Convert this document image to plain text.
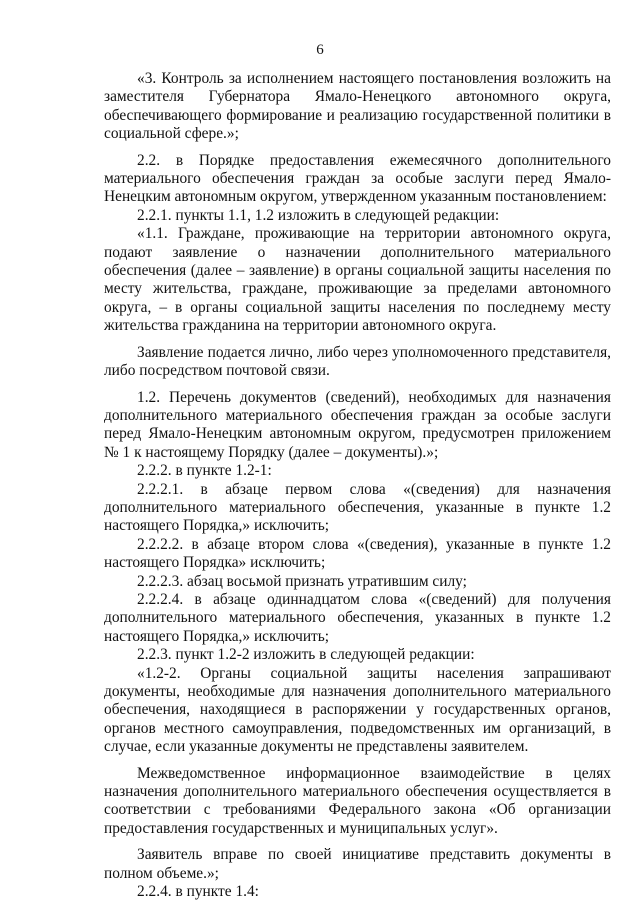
6

«3. Контроль за исполнением настоящего постановления возложить на заместителя Губернатора Ямало-Ненецкого автономного округа, обеспечивающего формирование и реализацию государственной политики в социальной сфере.»;

2.2. в Порядке предоставления ежемесячного дополнительного материального обеспечения граждан за особые заслуги перед Ямало-Ненецким автономным округом, утвержденном указанным постановлением:

2.2.1. пункты 1.1, 1.2 изложить в следующей редакции:

«1.1. Граждане, проживающие на территории автономного округа, подают заявление о назначении дополнительного материального обеспечения (далее – заявление) в органы социальной защиты населения по месту жительства, граждане, проживающие за пределами автономного округа, – в органы социальной защиты населения по последнему месту жительства гражданина на территории автономного округа.

Заявление подается лично, либо через уполномоченного представителя, либо посредством почтовой связи.

1.2. Перечень документов (сведений), необходимых для назначения дополнительного материального обеспечения граждан за особые заслуги перед Ямало-Ненецким автономным округом, предусмотрен приложением № 1 к настоящему Порядку (далее – документы).»;

2.2.2. в пункте 1.2-1:

2.2.2.1. в абзаце первом слова «(сведения) для назначения дополнительного материального обеспечения, указанные в пункте 1.2 настоящего Порядка,» исключить;

2.2.2.2. в абзаце втором слова «(сведения), указанные в пункте 1.2 настоящего Порядка» исключить;

2.2.2.3. абзац восьмой признать утратившим силу;

2.2.2.4. в абзаце одиннадцатом слова «(сведений) для получения дополнительного материального обеспечения, указанных в пункте 1.2 настоящего Порядка,» исключить;

2.2.3. пункт 1.2-2 изложить в следующей редакции:

«1.2-2. Органы социальной защиты населения запрашивают документы, необходимые для назначения дополнительного материального обеспечения, находящиеся в распоряжении у государственных органов, органов местного самоуправления, подведомственных им организаций, в случае, если указанные документы не представлены заявителем.

Межведомственное информационное взаимодействие в целях назначения дополнительного материального обеспечения осуществляется в соответствии с требованиями Федерального закона «Об организации предоставления государственных и муниципальных услуг».

Заявитель вправе по своей инициативе представить документы в полном объеме.»;

2.2.4. в пункте 1.4:
